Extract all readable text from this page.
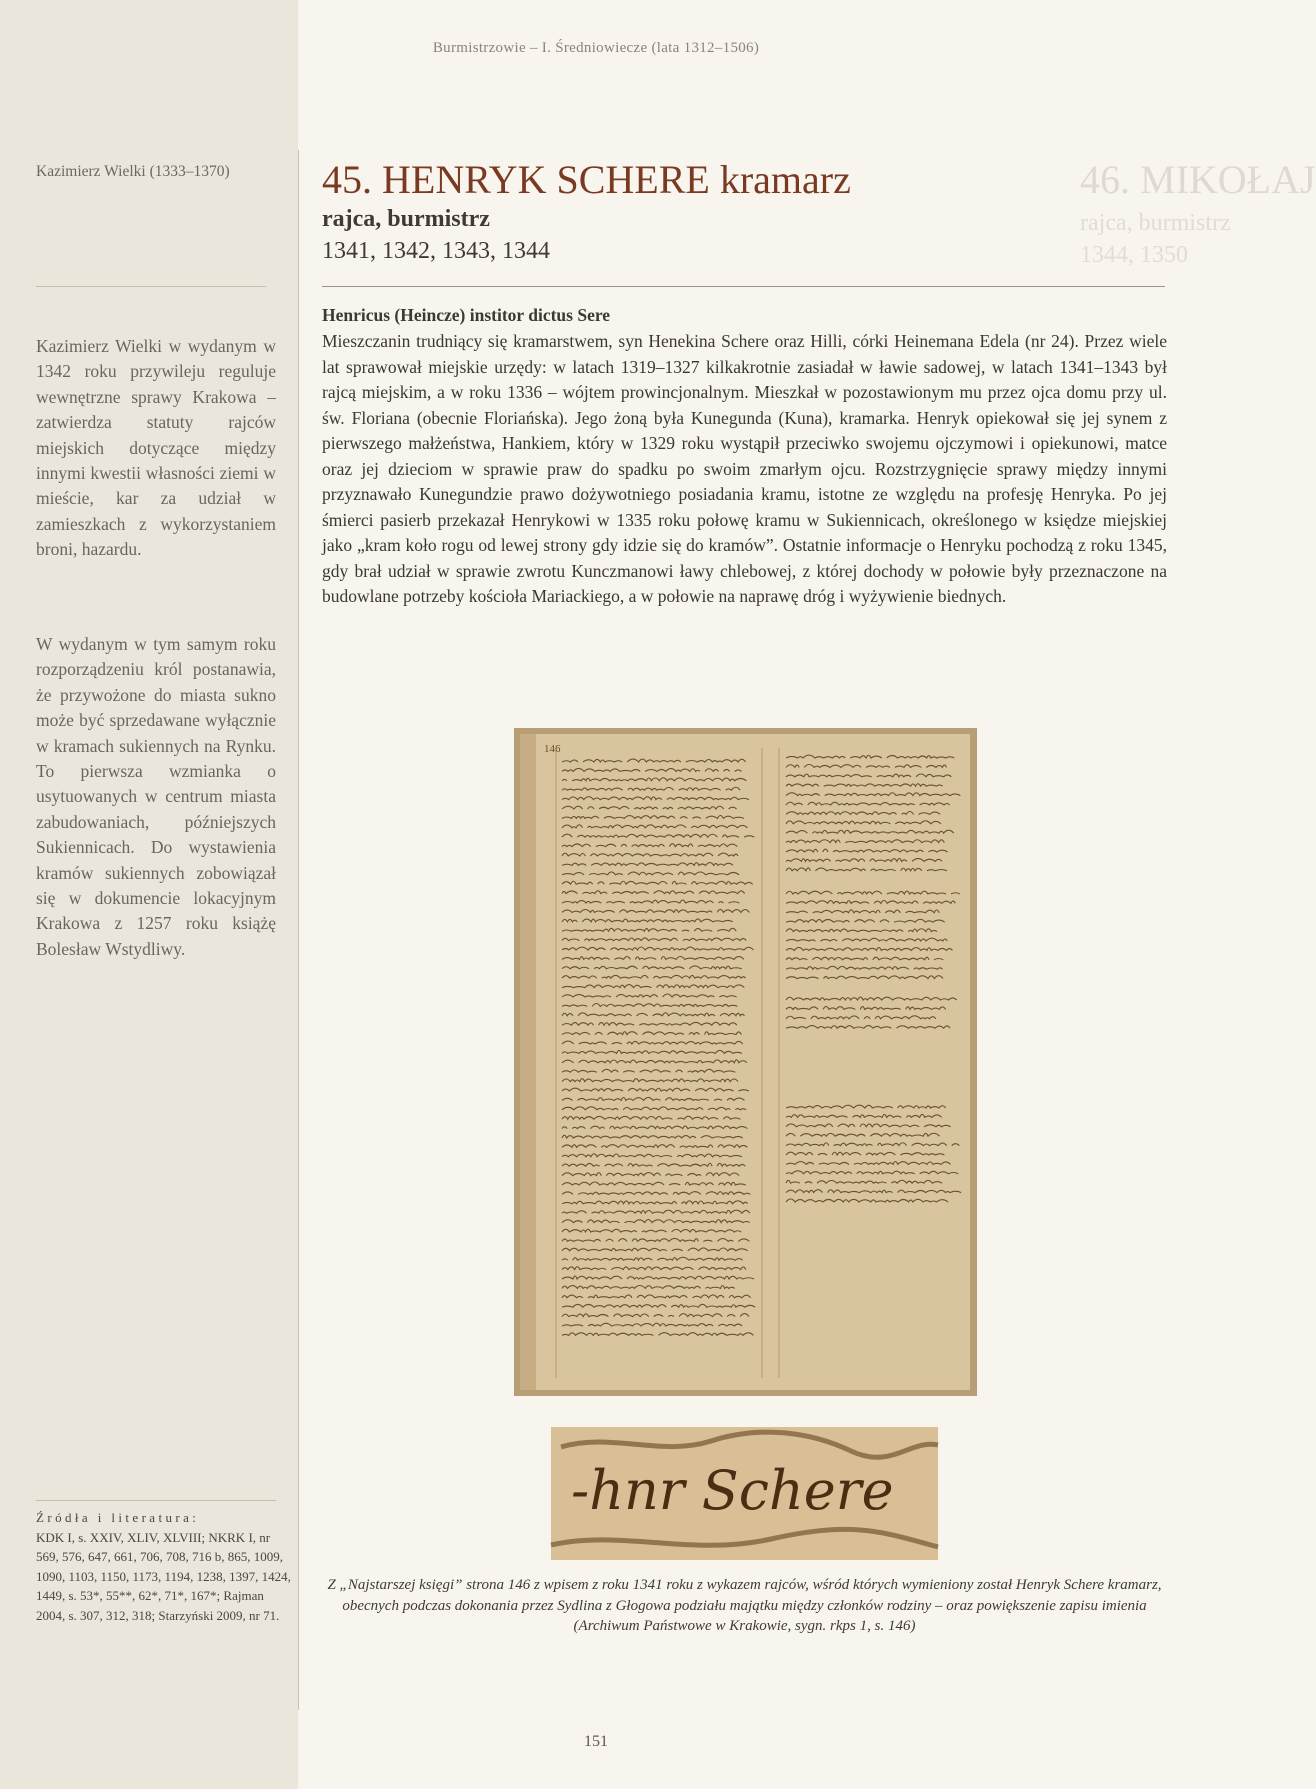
Burmistrzowie – I. Średniowiecze (lata 1312–1506)
Kazimierz Wielki (1333–1370)

Kazimierz Wielki w wydanym w 1342 roku przywileju reguluje wewnętrzne sprawy Krakowa – zatwierdza statuty rajców miejskich dotyczące między innymi kwestii własności ziemi w mieście, kar za udział w zamieszkach z wykorzystaniem broni, hazardu.

W wydanym w tym samym roku rozporządzeniu król postanawia, że przywożone do miasta sukno może być sprzedawane wyłącznie w kramach sukiennych na Rynku. To pierwsza wzmianka o usytuowanych w centrum miasta zabudowaniach, późniejszych Sukiennicach. Do wystawienia kramów sukiennych zobowiązał się w dokumencie lokacyjnym Krakowa z 1257 roku książę Bolesław Wstydliwy.

Źródła i literatura:
KDK I, s. XXIV, XLIV, XLVIII; NKRK I, nr 569, 576, 647, 661, 706, 708, 716 b, 865, 1009, 1090, 1103, 1150, 1173, 1194, 1238, 1397, 1424, 1449, s. 53*, 55**, 62*, 71*, 167*; Rajman 2004, s. 307, 312, 318; Starzyński 2009, nr 71.
46. MIKOŁAJ
rajca, burmistrz
1344, 1350
45. HENRYK SCHERE kramarz
rajca, burmistrz
1341, 1342, 1343, 1344
Henricus (Heincze) institor dictus Sere

Mieszczanin trudniący się kramarstwem, syn Henekina Schere oraz Hilli, córki Heinemana Edela (nr 24). Przez wiele lat sprawował miejskie urzędy: w latach 1319–1327 kilkakrotnie zasiadał w ławie sadowej, w latach 1341–1343 był rajcą miejskim, a w roku 1336 – wójtem prowincjonalnym. Mieszkał w pozostawionym mu przez ojca domu przy ul. św. Floriana (obecnie Floriańska). Jego żoną była Kunegunda (Kuna), kramarka. Henryk opiekował się jej synem z pierwszego małżeństwa, Hankiem, który w 1329 roku wystąpił przeciwko swojemu ojczymowi i opiekunowi, matce oraz jej dzieciom w sprawie praw do spadku po swoim zmarłym ojcu. Rozstrzygnięcie sprawy między innymi przyznawało Kunegundzie prawo dożywotniego posiadania kramu, istotne ze względu na profesję Henryka. Po jej śmierci pasierb przekazał Henrykowi w 1335 roku połowę kramu w Sukiennicach, określonego w księdze miejskiej jako „kram koło rogu od lewej strony gdy idzie się do kramów”. Ostatnie informacje o Henryku pochodzą z roku 1345, gdy brał udział w sprawie zwrotu Kunczmanowi ławy chlebowej, z której dochody w połowie były przeznaczone na budowlane potrzeby kościoła Mariackiego, a w połowie na naprawę dróg i wyżywienie biednych.

146
-hnr Schere

Z „Najstarszej księgi” strona 146 z wpisem z roku 1341 roku z wykazem rajców, wśród których wymieniony został Henryk Schere kramarz, obecnych podczas dokonania przez Sydlina z Głogowa podziału majątku między członków rodziny – oraz powiększenie zapisu imienia (Archiwum Państwowe w Krakowie, sygn. rkps 1, s. 146)

151
